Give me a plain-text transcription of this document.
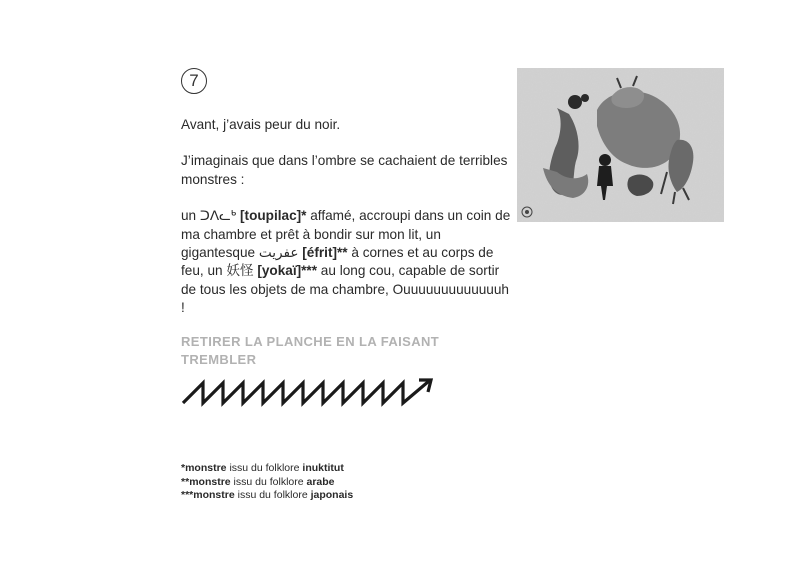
7

Avant, j’avais peur du noir.

J’imaginais que dans l’ombre se cachaient de terribles monstres :

un ᑐᐱᓚᒃ [toupilac]* affamé, accroupi dans un coin de ma chambre et prêt à bondir sur mon lit, un gigantesque عفريت [éfrit]** à cornes et au corps de feu, un 妖怪 [yokaï]*** au long cou, capable de sortir de tous les objets de ma chambre, Ouuuuuuuuuuuuuh !

RETIRER LA PLANCHE EN LA FAISANT TREMBLER
*monstre issu du folklore inuktitut
**monstre issu du folklore arabe
***monstre issu du folklore japonais
